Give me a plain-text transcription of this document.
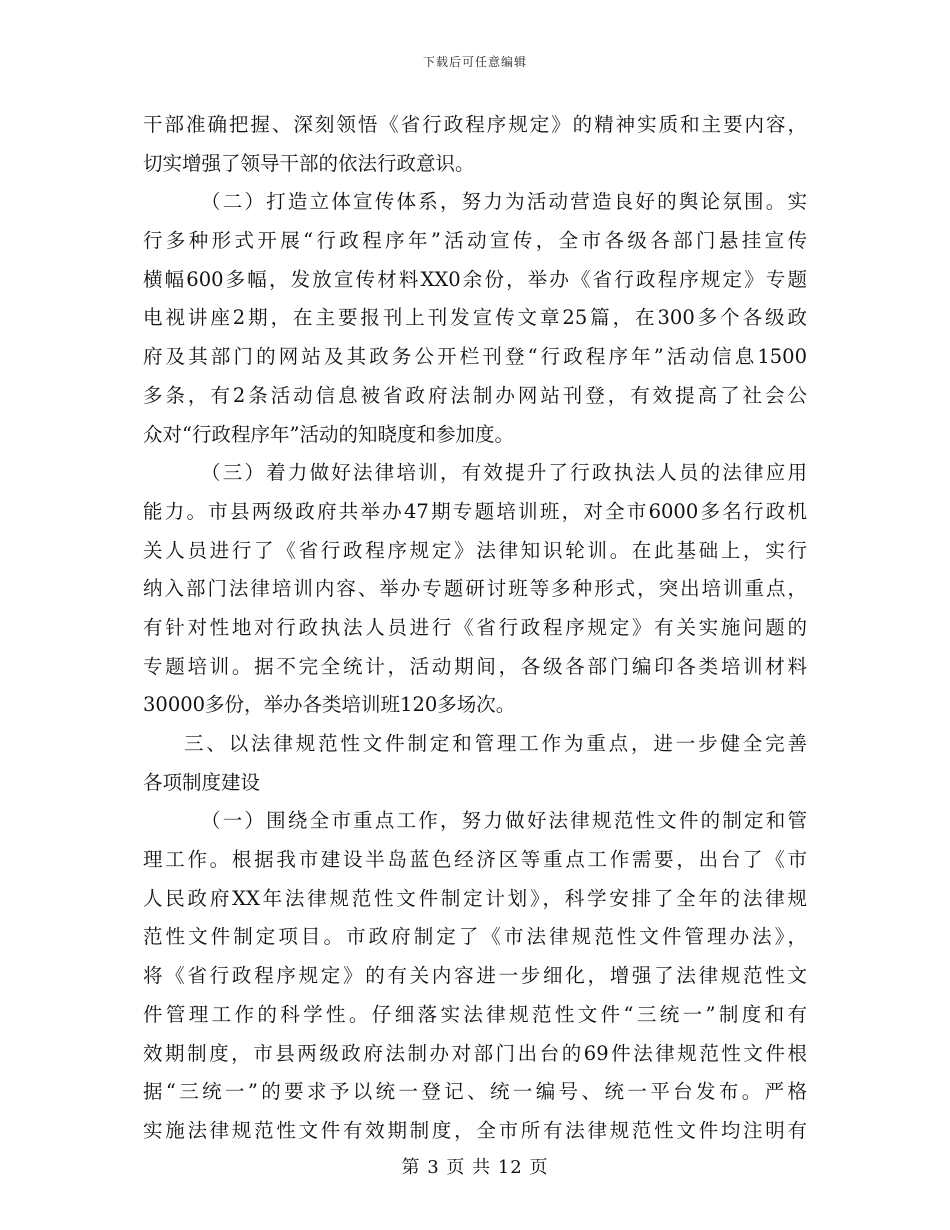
下载后可任意编辑
干部准确把握、深刻领悟《省行政程序规定》的精神实质和主要内容，
切实增强了领导干部的依法行政意识。
（二）打造立体宣传体系，努力为活动营造良好的舆论氛围。实
行多种形式开展“行政程序年”活动宣传，全市各级各部门悬挂宣传
横幅600多幅，发放宣传材料XX0余份，举办《省行政程序规定》专题
电视讲座2期，在主要报刊上刊发宣传文章25篇，在300多个各级政
府及其部门的网站及其政务公开栏刊登“行政程序年”活动信息1500
多条，有2条活动信息被省政府法制办网站刊登，有效提高了社会公
众对“行政程序年”活动的知晓度和参加度。
（三）着力做好法律培训，有效提升了行政执法人员的法律应用
能力。市县两级政府共举办47期专题培训班，对全市6000多名行政机
关人员进行了《省行政程序规定》法律知识轮训。在此基础上，实行
纳入部门法律培训内容、举办专题研讨班等多种形式，突出培训重点，
有针对性地对行政执法人员进行《省行政程序规定》有关实施问题的
专题培训。据不完全统计，活动期间，各级各部门编印各类培训材料
30000多份，举办各类培训班120多场次。
三、以法律规范性文件制定和管理工作为重点，进一步健全完善
各项制度建设
（一）围绕全市重点工作，努力做好法律规范性文件的制定和管
理工作。根据我市建设半岛蓝色经济区等重点工作需要，出台了《市
人民政府XX年法律规范性文件制定计划》，科学安排了全年的法律规
范性文件制定项目。市政府制定了《市法律规范性文件管理办法》，
将《省行政程序规定》的有关内容进一步细化，增强了法律规范性文
件管理工作的科学性。仔细落实法律规范性文件“三统一”制度和有
效期制度，市县两级政府法制办对部门出台的69件法律规范性文件根
据“三统一”的要求予以统一登记、统一编号、统一平台发布。严格
实施法律规范性文件有效期制度，全市所有法律规范性文件均注明有
第 3 页 共 12 页
